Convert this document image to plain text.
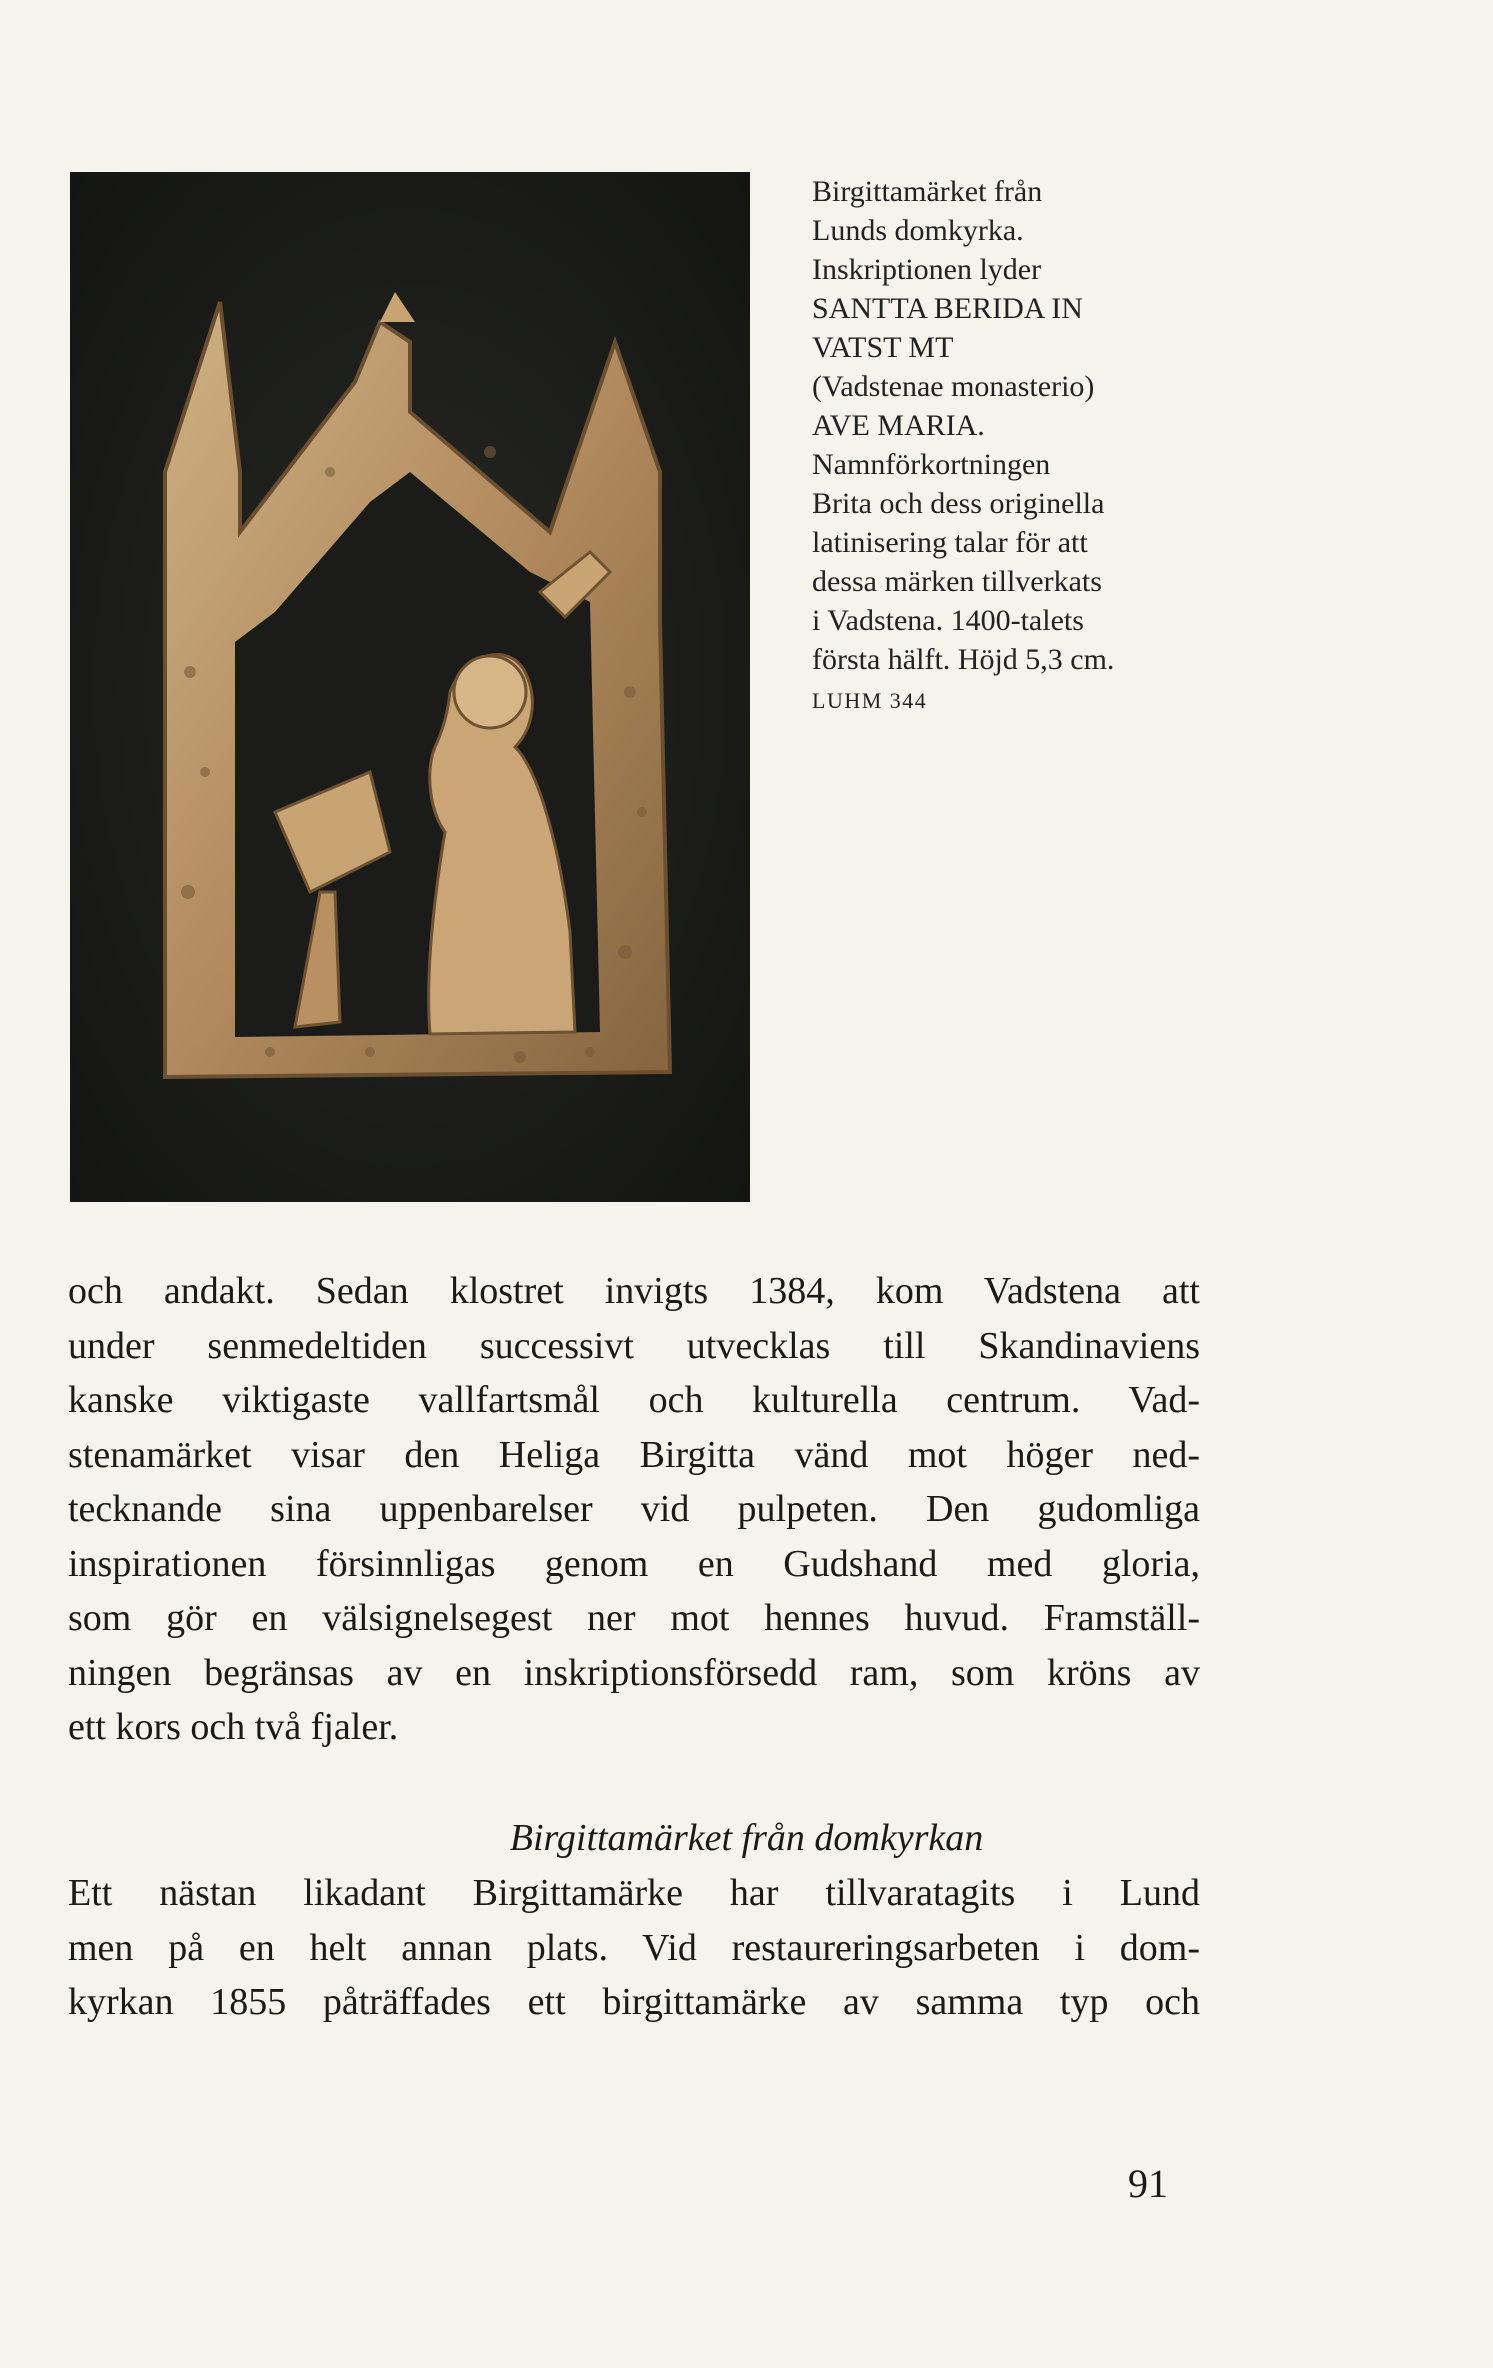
Birgittamärket från
Lunds domkyrka.
Inskriptionen lyder
SANTTA BERIDA IN
VATST MT
(Vadstenae monasterio)
AVE MARIA.
Namnförkortningen
Brita och dess originella
latinisering talar för att
dessa märken tillverkats
i Vadstena. 1400-talets
första hälft. Höjd 5,3 cm.
LUHM 344
och andakt. Sedan klostret invigts 1384, kom Vadstena att
under senmedeltiden successivt utvecklas till Skandinaviens
kanske viktigaste vallfartsmål och kulturella centrum. Vad-
stenamärket visar den Heliga Birgitta vänd mot höger ned-
tecknande sina uppenbarelser vid pulpeten. Den gudomliga
inspirationen försinnligas genom en Gudshand med gloria,
som gör en välsignelsegest ner mot hennes huvud. Framställ-
ningen begränsas av en inskriptionsförsedd ram, som kröns av
ett kors och två fjaler.
Birgittamärket från domkyrkan
Ett nästan likadant Birgittamärke har tillvaratagits i Lund
men på en helt annan plats. Vid restaureringsarbeten i dom-
kyrkan 1855 påträffades ett birgittamärke av samma typ och
91
